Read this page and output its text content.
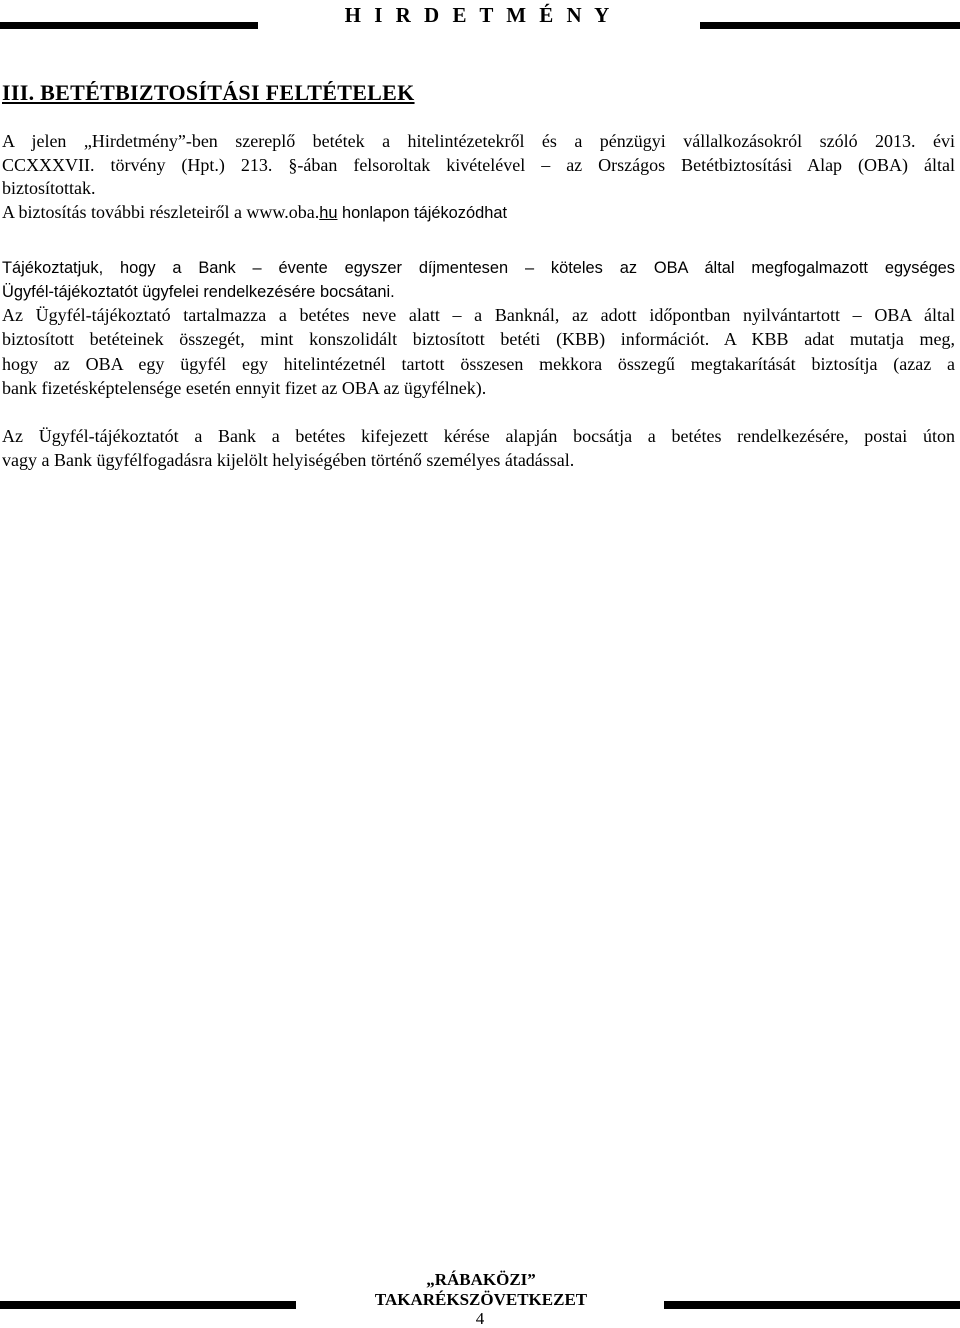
H I R D E T M É N Y
III. BETÉTBIZTOSÍTÁSI FELTÉTELEK
A jelen „Hirdetmény”-ben szereplő betétek a hitelintézetekről és a pénzügyi vállalkozásokról szóló 2013. évi
CCXXXVII. törvény (Hpt.) 213. §-ában felsoroltak kivételével – az Országos Betétbiztosítási Alap (OBA) által
biztosítottak.
A biztosítás további részleteiről a www.oba.hu honlapon tájékozódhat
Tájékoztatjuk, hogy a Bank – évente egyszer díjmentesen – köteles az OBA által megfogalmazott egységes
Ügyfél-tájékoztatót ügyfelei rendelkezésére bocsátani.
Az Ügyfél-tájékoztató tartalmazza a betétes neve alatt – a Banknál, az adott időpontban nyilvántartott – OBA által
biztosított betéteinek összegét, mint konszolidált biztosított betéti (KBB) információt. A KBB adat mutatja meg,
hogy az OBA egy ügyfél egy hitelintézetnél tartott összesen mekkora összegű megtakarítását biztosítja (azaz a
bank fizetésképtelensége esetén ennyit fizet az OBA az ügyfélnek).
Az Ügyfél-tájékoztatót a Bank a betétes kifejezett kérése alapján bocsátja a betétes rendelkezésére, postai úton
vagy a Bank ügyfélfogadásra kijelölt helyiségében történő személyes átadással.
„RÁBAKÖZI”
TAKARÉKSZÖVETKEZET
4
